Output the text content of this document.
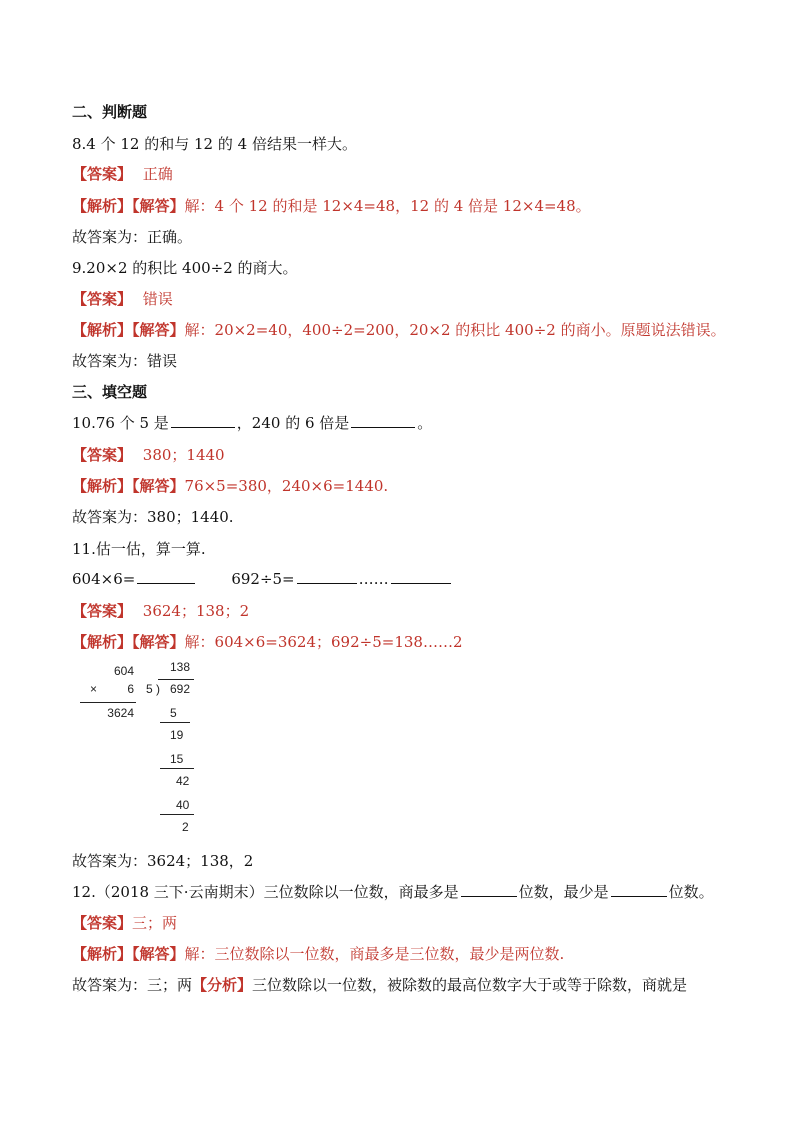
二、判断题
8.4 个 12 的和与 12 的 4 倍结果一样大。
【答案】 正确
【解析】【解答】解：4 个 12 的和是 12×4=48，12 的 4 倍是 12×4=48。
故答案为：正确。
9.20×2 的积比 400÷2 的商大。
【答案】 错误
【解析】【解答】解：20×2=40，400÷2=200，20×2 的积比 400÷2 的商小。原题说法错误。
故答案为：错误
三、填空题
10.76 个 5 是	，240 的 6 倍是	。
【答案】 380；1440
【解析】【解答】76×5=380，240×6=1440.
故答案为：380；1440.
11.估一估，算一算.
604×6=	692÷5=	……
【答案】 3624；138；2
【解析】【解答】解：604×6=3624；692÷5=138……2
604
×	6
3624
138
5 ) 692
5
19
15
42
40
2
故答案为：3624；138，2
12.（2018 三下·云南期末）三位数除以一位数，商最多是	位数，最少是	位数。
【答案】三；两
【解析】【解答】解：三位数除以一位数，商最多是三位数，最少是两位数.
故答案为：三；两【分析】三位数除以一位数，被除数的最高位数字大于或等于除数，商就是
